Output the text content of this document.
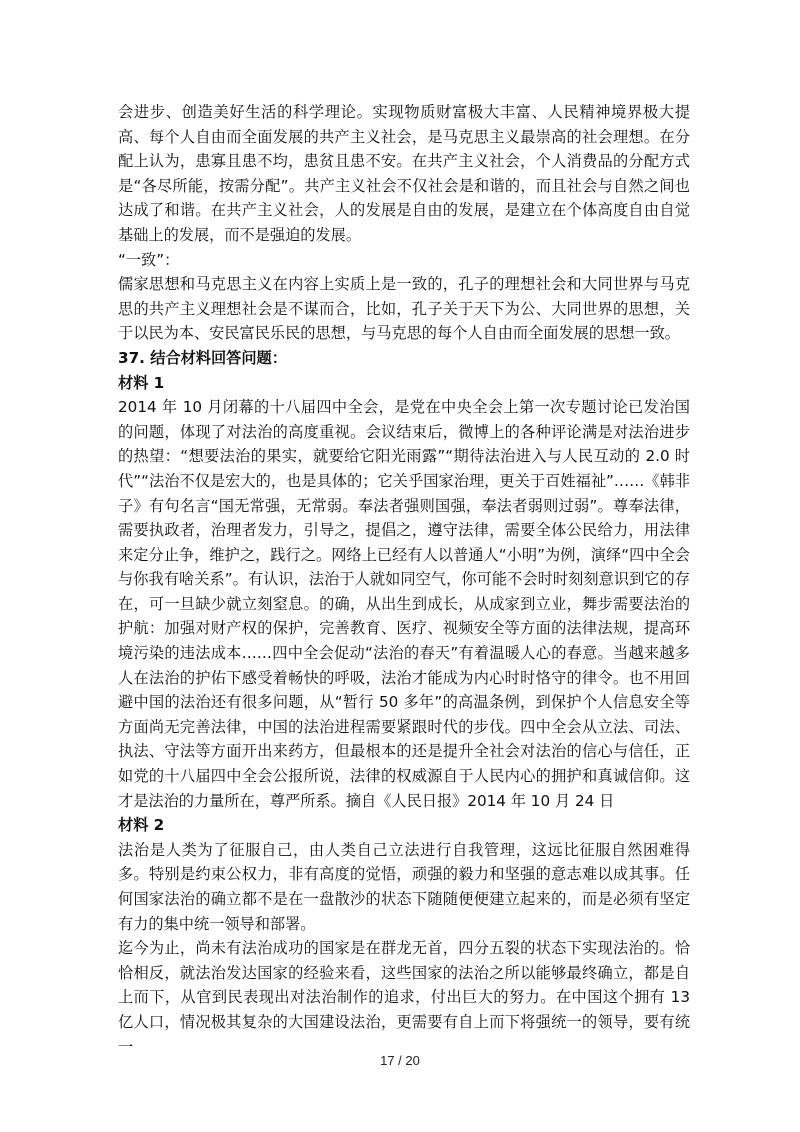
会进步、创造美好生活的科学理论。实现物质财富极大丰富、人民精神境界极大提高、每个人自由而全面发展的共产主义社会，是马克思主义最崇高的社会理想。在分配上认为，患寡且患不均，患贫且患不安。在共产主义社会，个人消费品的分配方式是“各尽所能，按需分配”。共产主义社会不仅社会是和谐的，而且社会与自然之间也达成了和谐。在共产主义社会，人的发展是自由的发展，是建立在个体高度自由自觉基础上的发展，而不是强迫的发展。

“一致”：

儒家思想和马克思主义在内容上实质上是一致的，孔子的理想社会和大同世界与马克思的共产主义理想社会是不谋而合，比如，孔子关于天下为公、大同世界的思想，关于以民为本、安民富民乐民的思想，与马克思的每个人自由而全面发展的思想一致。

37. 结合材料回答问题：

材料 1

2014 年 10 月闭幕的十八届四中全会，是党在中央全会上第一次专题讨论已发治国的问题，体现了对法治的高度重视。会议结束后，微博上的各种评论满是对法治进步的热望：“想要法治的果实，就要给它阳光雨露”“期待法治进入与人民互动的 2.0 时代”“法治不仅是宏大的，也是具体的；它关乎国家治理，更关于百姓福祉”……《韩非子》有句名言“国无常强，无常弱。奉法者强则国强，奉法者弱则过弱”。尊奉法律，需要执政者，治理者发力，引导之，提倡之，遵守法律，需要全体公民给力，用法律来定分止争，维护之，践行之。网络上已经有人以普通人“小明”为例，演绎“四中全会与你我有啥关系”。有认识，法治于人就如同空气，你可能不会时时刻刻意识到它的存在，可一旦缺少就立刻窒息。的确，从出生到成长，从成家到立业，舞步需要法治的护航：加强对财产权的保护，完善教育、医疗、视频安全等方面的法律法规，提高环境污染的违法成本……四中全会促动“法治的春天”有着温暖人心的春意。当越来越多人在法治的护佑下感受着畅快的呼吸，法治才能成为内心时时恪守的律令。也不用回避中国的法治还有很多问题，从“暂行 50 多年”的高温条例，到保护个人信息安全等方面尚无完善法律，中国的法治进程需要紧跟时代的步伐。四中全会从立法、司法、执法、守法等方面开出来药方，但最根本的还是提升全社会对法治的信心与信任，正如党的十八届四中全会公报所说，法律的权威源自于人民内心的拥护和真诚信仰。这才是法治的力量所在，尊严所系。摘自《人民日报》2014 年 10 月 24 日

材料 2

法治是人类为了征服自己，由人类自己立法进行自我管理，这远比征服自然困难得多。特别是约束公权力，非有高度的觉悟，顽强的毅力和坚强的意志难以成其事。任何国家法治的确立都不是在一盘散沙的状态下随随便便建立起来的，而是必须有坚定有力的集中统一领导和部署。

迄今为止，尚未有法治成功的国家是在群龙无首，四分五裂的状态下实现法治的。恰恰相反，就法治发达国家的经验来看，这些国家的法治之所以能够最终确立，都是自上而下，从官到民表现出对法治制作的追求，付出巨大的努力。在中国这个拥有 13 亿人口，情况极其复杂的大国建设法治，更需要有自上而下将强统一的领导，要有统一

17 / 20
